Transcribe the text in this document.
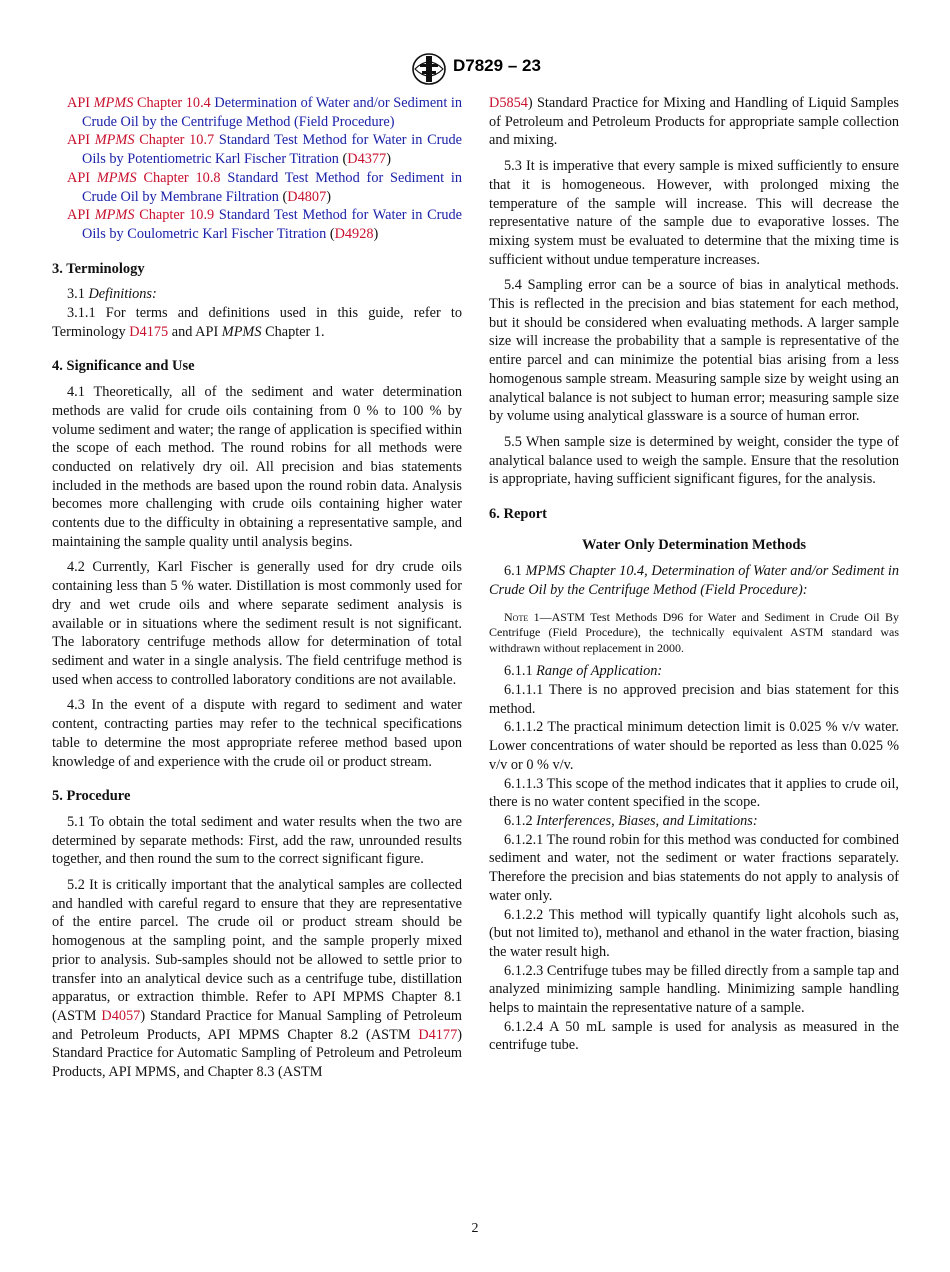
D7829 – 23

API MPMS Chapter 10.4 Determination of Water and/or Sediment in Crude Oil by the Centrifuge Method (Field Procedure)

API MPMS Chapter 10.7 Standard Test Method for Water in Crude Oils by Potentiometric Karl Fischer Titration (D4377)

API MPMS Chapter 10.8 Standard Test Method for Sediment in Crude Oil by Membrane Filtration (D4807)

API MPMS Chapter 10.9 Standard Test Method for Water in Crude Oils by Coulometric Karl Fischer Titration (D4928)

3. Terminology

3.1 Definitions:

3.1.1 For terms and definitions used in this guide, refer to Terminology D4175 and API MPMS Chapter 1.

4. Significance and Use

4.1 Theoretically, all of the sediment and water determination methods are valid for crude oils containing from 0 % to 100 % by volume sediment and water; the range of application is specified within the scope of each method. The round robins for all methods were conducted on relatively dry oil. All precision and bias statements included in the methods are based upon the round robin data. Analysis becomes more challenging with crude oils containing higher water contents due to the difficulty in obtaining a representative sample, and maintaining the sample quality until analysis begins.

4.2 Currently, Karl Fischer is generally used for dry crude oils containing less than 5 % water. Distillation is most commonly used for dry and wet crude oils and where separate sediment analysis is available or in situations where the sediment result is not significant. The laboratory centrifuge methods allow for determination of total sediment and water in a single analysis. The field centrifuge method is used when access to controlled laboratory conditions are not available.

4.3 In the event of a dispute with regard to sediment and water content, contracting parties may refer to the technical specifications table to determine the most appropriate referee method based upon knowledge of and experience with the crude oil or product stream.

5. Procedure

5.1 To obtain the total sediment and water results when the two are determined by separate methods: First, add the raw, unrounded results together, and then round the sum to the correct significant figure.

5.2 It is critically important that the analytical samples are collected and handled with careful regard to ensure that they are representative of the entire parcel. The crude oil or product stream should be homogenous at the sampling point, and the sample properly mixed prior to analysis. Sub-samples should not be allowed to settle prior to transfer into an analytical device such as a centrifuge tube, distillation apparatus, or extraction thimble. Refer to API MPMS Chapter 8.1 (ASTM D4057) Standard Practice for Manual Sampling of Petroleum and Petroleum Products, API MPMS Chapter 8.2 (ASTM D4177) Standard Practice for Automatic Sampling of Petroleum and Petroleum Products, API MPMS, and Chapter 8.3 (ASTM

D5854) Standard Practice for Mixing and Handling of Liquid Samples of Petroleum and Petroleum Products for appropriate sample collection and mixing.

5.3 It is imperative that every sample is mixed sufficiently to ensure that it is homogeneous. However, with prolonged mixing the temperature of the sample will increase. This will decrease the representative nature of the sample due to evaporative losses. The mixing system must be evaluated to determine that the mixing time is sufficient without undue temperature increases.

5.4 Sampling error can be a source of bias in analytical methods. This is reflected in the precision and bias statement for each method, but it should be considered when evaluating methods. A larger sample size will increase the probability that a sample is representative of the entire parcel and can minimize the potential bias arising from a less homogenous sample stream. Measuring sample size by weight using an analytical balance is not subject to human error; measuring sample size by volume using analytical glassware is a source of human error.

5.5 When sample size is determined by weight, consider the type of analytical balance used to weigh the sample. Ensure that the resolution is appropriate, having sufficient significant figures, for the analysis.

6. Report
Water Only Determination Methods

6.1 MPMS Chapter 10.4, Determination of Water and/or Sediment in Crude Oil by the Centrifuge Method (Field Procedure):

Note 1—ASTM Test Methods D96 for Water and Sediment in Crude Oil By Centrifuge (Field Procedure), the technically equivalent ASTM standard was withdrawn without replacement in 2000.

6.1.1 Range of Application:

6.1.1.1 There is no approved precision and bias statement for this method.

6.1.1.2 The practical minimum detection limit is 0.025 % v/v water. Lower concentrations of water should be reported as less than 0.025 % v/v or 0 % v/v.

6.1.1.3 This scope of the method indicates that it applies to crude oil, there is no water content specified in the scope.

6.1.2 Interferences, Biases, and Limitations:

6.1.2.1 The round robin for this method was conducted for combined sediment and water, not the sediment or water fractions separately. Therefore the precision and bias statements do not apply to analysis of water only.

6.1.2.2 This method will typically quantify light alcohols such as, (but not limited to), methanol and ethanol in the water fraction, biasing the water result high.

6.1.2.3 Centrifuge tubes may be filled directly from a sample tap and analyzed minimizing sample handling. Minimizing sample handling helps to maintain the representative nature of a sample.

6.1.2.4 A 50 mL sample is used for analysis as measured in the centrifuge tube.

2
